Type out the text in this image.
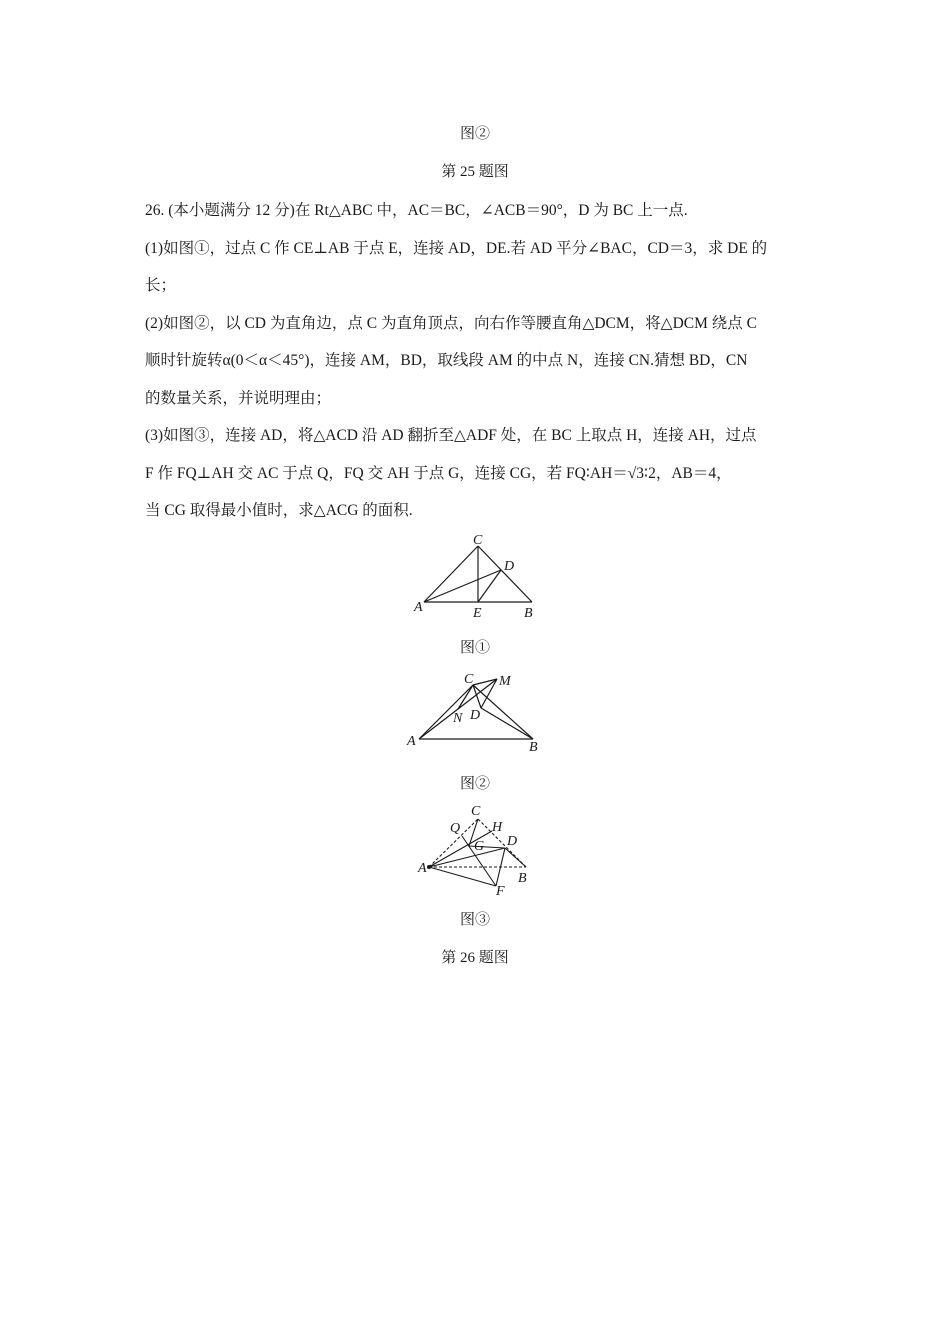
图②
第 25 题图
26. (本小题满分 12 分)在 Rt△ABC 中，AC＝BC，∠ACB＝90°，D 为 BC 上一点.
(1)如图①，过点 C 作 CE⊥AB 于点 E，连接 AD，DE.若 AD 平分∠BAC，CD＝3，求 DE 的
长；
(2)如图②，以 CD 为直角边，点 C 为直角顶点，向右作等腰直角△DCM，将△DCM 绕点 C
顺时针旋转α(0＜α＜45°)，连接 AM，BD，取线段 AM 的中点 N，连接 CN.猜想 BD，CN
的数量关系，并说明理由；
(3)如图③，连接 AD，将△ACD 沿 AD 翻折至△ADF 处，在 BC 上取点 H，连接 AH，过点
F 作 FQ⊥AH 交 AC 于点 Q，FQ 交 AH 于点 G，连接 CG，若 FQ∶AH＝√3∶2，AB＝4，
当 CG 取得最小值时，求△ACG 的面积.
C
D
A	E	B
图①
C M
N D
A	B
图②
C
Q H
G D
A
B
F
图③
第 26 题图
